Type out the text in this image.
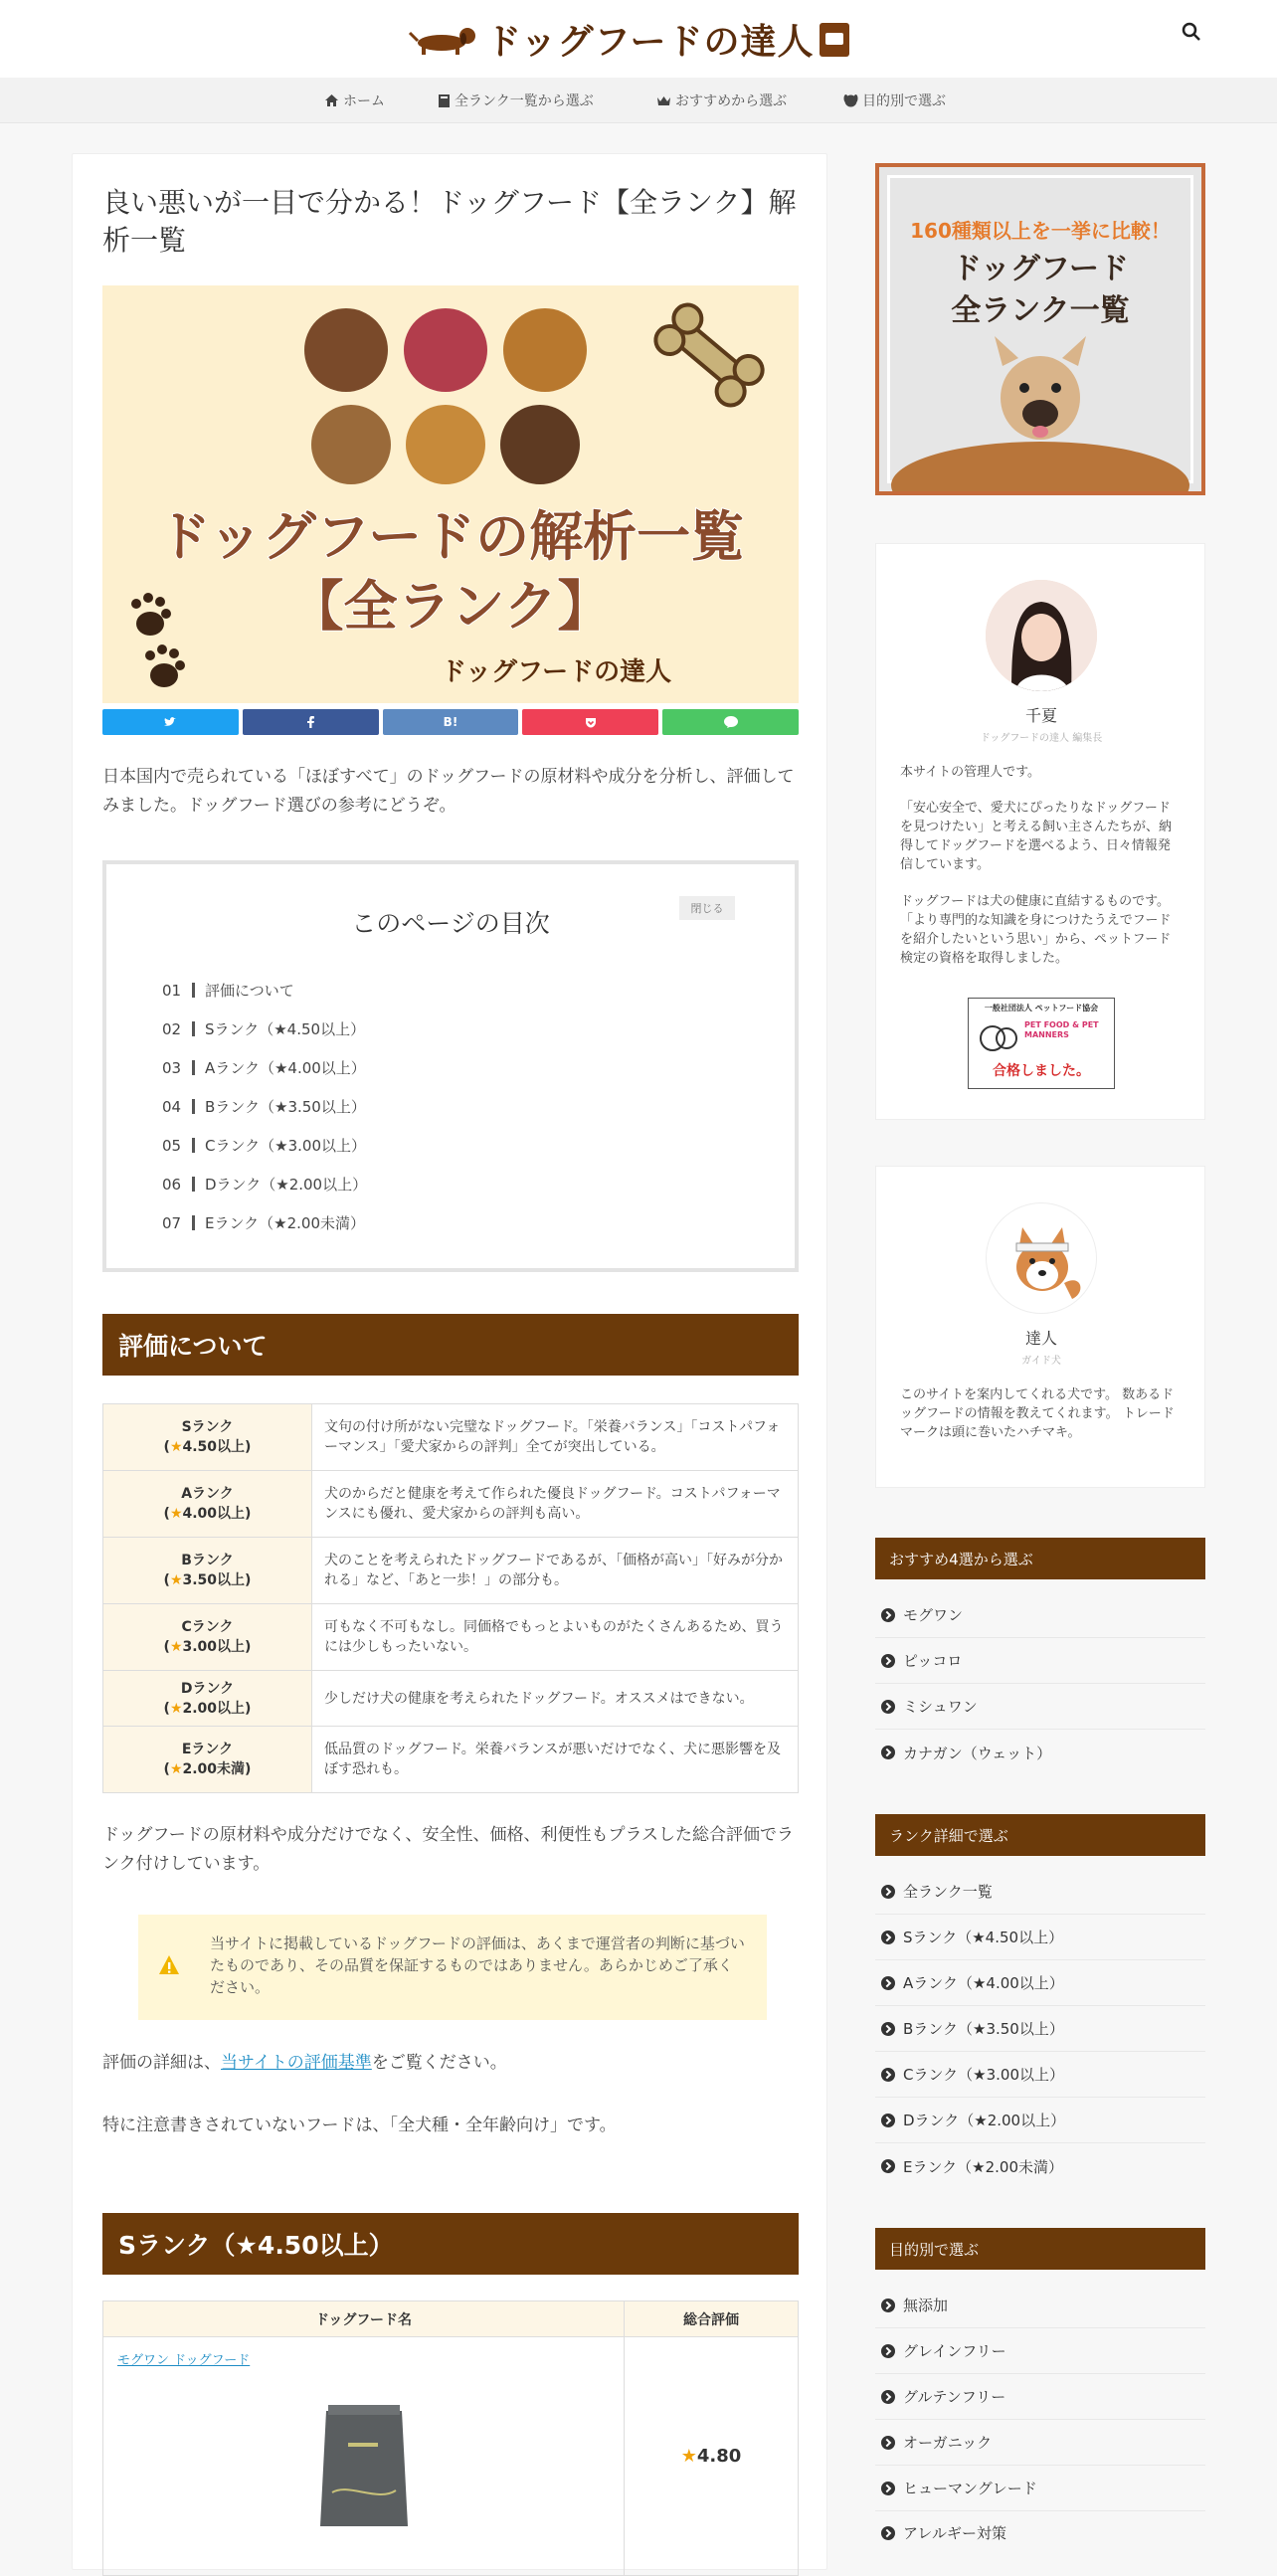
ドッグフードの達人
ホーム	全ランク一覧から選ぶ	おすすめから選ぶ	目的別で選ぶ
良い悪いが一目で分かる！ドッグフード【全ランク】解析一覧
ドッグフードの解析一覧
【全ランク】
ドッグフードの達人
B!

日本国内で売られている「ほぼすべて」のドッグフードの原材料や成分を分析し、評価してみました。ドッグフード選びの参考にどうぞ。

このページの目次
閉じる
01 評価について
02 Sランク（★4.50以上）
03 Aランク（★4.00以上）
04 Bランク（★3.50以上）
05 Cランク（★3.00以上）
06 Dランク（★2.00以上）
07 Eランク（★2.00未満）
評価について
Sランク
(★4.50以上)	文句の付け所がない完璧なドッグフード。「栄養バランス」「コストパフォーマンス」「愛犬家からの評判」全てが突出している。
Aランク
(★4.00以上)	犬のからだと健康を考えて作られた優良ドッグフード。コストパフォーマンスにも優れ、愛犬家からの評判も高い。
Bランク
(★3.50以上)	犬のことを考えられたドッグフードであるが、「価格が高い」「好みが分かれる」など、「あと一歩！」の部分も。
Cランク
(★3.00以上)	可もなく不可もなし。同価格でもっとよいものがたくさんあるため、買うには少しもったいない。
Dランク
(★2.00以上)	少しだけ犬の健康を考えられたドッグフード。オススメはできない。
Eランク
(★2.00未満)	低品質のドッグフード。栄養バランスが悪いだけでなく、犬に悪影響を及ぼす恐れも。

ドッグフードの原材料や成分だけでなく、安全性、価格、利便性もプラスした総合評価でランク付けしています。

当サイトに掲載しているドッグフードの評価は、あくまで運営者の判断に基づいたものであり、その品質を保証するものではありません。あらかじめご了承ください。

評価の詳細は、当サイトの評価基準をご覧ください。

特に注意書きされていないフードは、「全犬種・全年齢向け」です。

Sランク（★4.50以上）
ドッグフード名	総合評価

モグワン ドッグフード	★4.80
160種類以上を一挙に比較！
ドッグフード
全ランク一覧
千夏
ドッグフードの達人 編集長
本サイトの管理人です。
「安心安全で、愛犬にぴったりなドッグフードを見つけたい」と考える飼い主さんたちが、納得してドッグフードを選べるよう、日々情報発信しています。
ドッグフードは犬の健康に直結するものです。「より専門的な知識を身につけたうえでフードを紹介したいという思い」から、ペットフード検定の資格を取得しました。
一般社団法人 ペットフード協会
PET FOOD & PET MANNERS
合格しました。
達人
ガイド犬
このサイトを案内してくれる犬です。 数あるドッグフードの情報を教えてくれます。 トレードマークは頭に巻いたハチマキ。
おすすめ4選から選ぶ
モグワン
ピッコロ
ミシュワン
カナガン（ウェット）
ランク詳細で選ぶ
全ランク一覧
Sランク（★4.50以上）
Aランク（★4.00以上）
Bランク（★3.50以上）
Cランク（★3.00以上）
Dランク（★2.00以上）
Eランク（★2.00未満）
目的別で選ぶ
無添加
グレインフリー
グルテンフリー
オーガニック
ヒューマングレード
アレルギー対策
